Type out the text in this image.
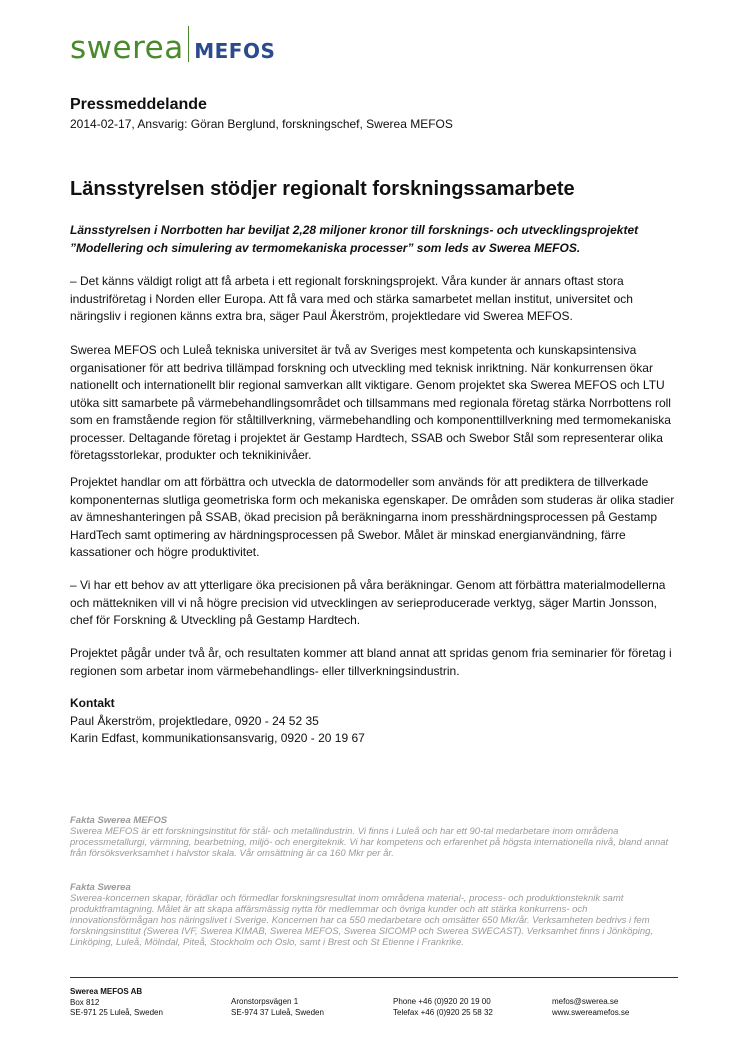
swerea MEFOS
Pressmeddelande
2014-02-17, Ansvarig: Göran Berglund, forskningschef, Swerea MEFOS
Länsstyrelsen stödjer regionalt forskningssamarbete

Länsstyrelsen i Norrbotten har beviljat 2,28 miljoner kronor till forsknings- och utvecklingsprojektet ”Modellering och simulering av termomekaniska processer” som leds av Swerea MEFOS.

– Det känns väldigt roligt att få arbeta i ett regionalt forskningsprojekt. Våra kunder är annars oftast stora industriföretag i Norden eller Europa. Att få vara med och stärka samarbetet mellan institut, universitet och näringsliv i regionen känns extra bra, säger Paul Åkerström, projektledare vid Swerea MEFOS.

Swerea MEFOS och Luleå tekniska universitet är två av Sveriges mest kompetenta och kunskapsintensiva organisationer för att bedriva tillämpad forskning och utveckling med teknisk inriktning. När konkurrensen ökar nationellt och internationellt blir regional samverkan allt viktigare. Genom projektet ska Swerea MEFOS och LTU utöka sitt samarbete på värmebehandlingsområdet och tillsammans med regionala företag stärka Norrbottens roll som en framstående region för ståltillverkning, värmebehandling och komponenttillverkning med termomekaniska processer. Deltagande företag i projektet är Gestamp Hardtech, SSAB och Swebor Stål som representerar olika företagsstorlekar, produkter och teknikinivåer.

Projektet handlar om att förbättra och utveckla de datormodeller som används för att prediktera de tillverkade komponenternas slutliga geometriska form och mekaniska egenskaper. De områden som studeras är olika stadier av ämneshanteringen på SSAB, ökad precision på beräkningarna inom presshärdningsprocessen på Gestamp HardTech samt optimering av härdningsprocessen på Swebor. Målet är minskad energianvändning, färre kassationer och högre produktivitet.

– Vi har ett behov av att ytterligare öka precisionen på våra beräkningar. Genom att förbättra materialmodellerna och mättekniken vill vi nå högre precision vid utvecklingen av serieproducerade verktyg, säger Martin Jonsson, chef för Forskning & Utveckling på Gestamp Hardtech.

Projektet pågår under två år, och resultaten kommer att bland annat att spridas genom fria seminarier för företag i regionen som arbetar inom värmebehandlings- eller tillverkningsindustrin.

Kontakt
Paul Åkerström, projektledare, 0920 - 24 52 35
Karin Edfast, kommunikationsansvarig, 0920 - 20 19 67
Fakta Swerea MEFOS
Swerea MEFOS är ett forskningsinstitut för stål- och metallindustrin. Vi finns i Luleå och har ett 90-tal medarbetare inom områdena processmetallurgi, värmning, bearbetning, miljö- och energiteknik. Vi har kompetens och erfarenhet på högsta internationella nivå, bland annat från försöksverksamhet i halvstor skala. Vår omsättning är ca 160 Mkr per år.
Fakta Swerea
Swerea-koncernen skapar, förädlar och förmedlar forskningsresultat inom områdena material-, process- och produktionsteknik samt produktframtagning. Målet är att skapa affärsmässig nytta för medlemmar och övriga kunder och att stärka konkurrens- och innovationsförmågan hos näringslivet i Sverige. Koncernen har ca 550 medarbetare och omsätter 650 Mkr/år. Verksamheten bedrivs i fem forskningsinstitut (Swerea IVF, Swerea KIMAB, Swerea MEFOS, Swerea SICOMP och Swerea SWECAST). Verksamhet finns i Jönköping, Linköping, Luleå, Mölndal, Piteå, Stockholm och Oslo, samt i Brest och St Etienne i Frankrike.
Swerea MEFOS AB
Box 812
SE-971 25 Luleå, Sweden
Aronstorpsvägen 1
SE-974 37 Luleå, Sweden
Phone +46 (0)920 20 19 00
Telefax +46 (0)920 25 58 32
mefos@swerea.se
www.swereamefos.se
